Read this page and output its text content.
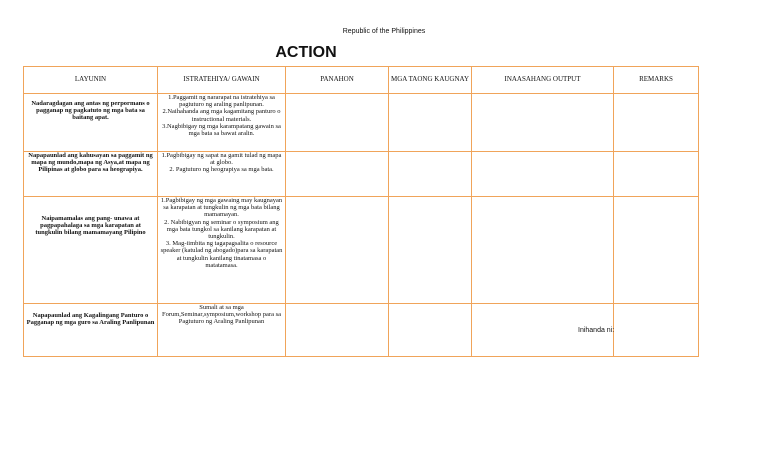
Republic of the Philippines
ACTION
LAYUNIN	ISTRATEHIYA/ GAWAIN	PANAHON	MGA TAONG KAUGNAY	INAASAHANG OUTPUT	REMARKS
Nadaragdagan ang antas ng perpormans o pagganap ng pagkatuto ng mga bata sa baitang apat.	1.Paggamit ng nararapat na istratehiya sa pagtuturo ng araling panlipunan.
2.Naihahanda ang mga kagamitang panturo o instructional materials.
3.Nagbibigay ng mga karampatang gawain sa mga bata sa bawat aralin.				
Napapaunlad ang kahusayan sa paggamit ng mapa ng mundo,mapa ng Asya,at mapa ng Pilipinas at globo para sa heograpiya.	1.Pagbibigay ng sapat na gamit tulad ng mapa at globo.
2. Pagtuturo ng heograpiya sa mga bata.				
Naipamamalas ang pang- unawa at pagpapahalaga sa mga karapatan at tungkulin bilang mamamayang Pilipino	1.Pagbibigay ng mga gawaing may kaugnayan sa karapatan at tungkulin ng mga bata bilang mamamayan.
2. Nabibigyan ng seminar o symposium ang mga bata tungkol sa kanilang karapatan at tungkulin.
3. Mag-iimbita ng tagapagsalita o resource speaker (katulad ng abogado)para sa karapatan at tungkulin kanilang tinatamasa o matatamasa.				
Napapaunlad ang Kagalingang Panturo o Pagganap ng mga guro sa Araling Panlipunan	Sumali at sa mga Forum,Seminar,symposium,workshop para sa Pagtuturo ng Araling Panlipunan				
Inihanda ni:
